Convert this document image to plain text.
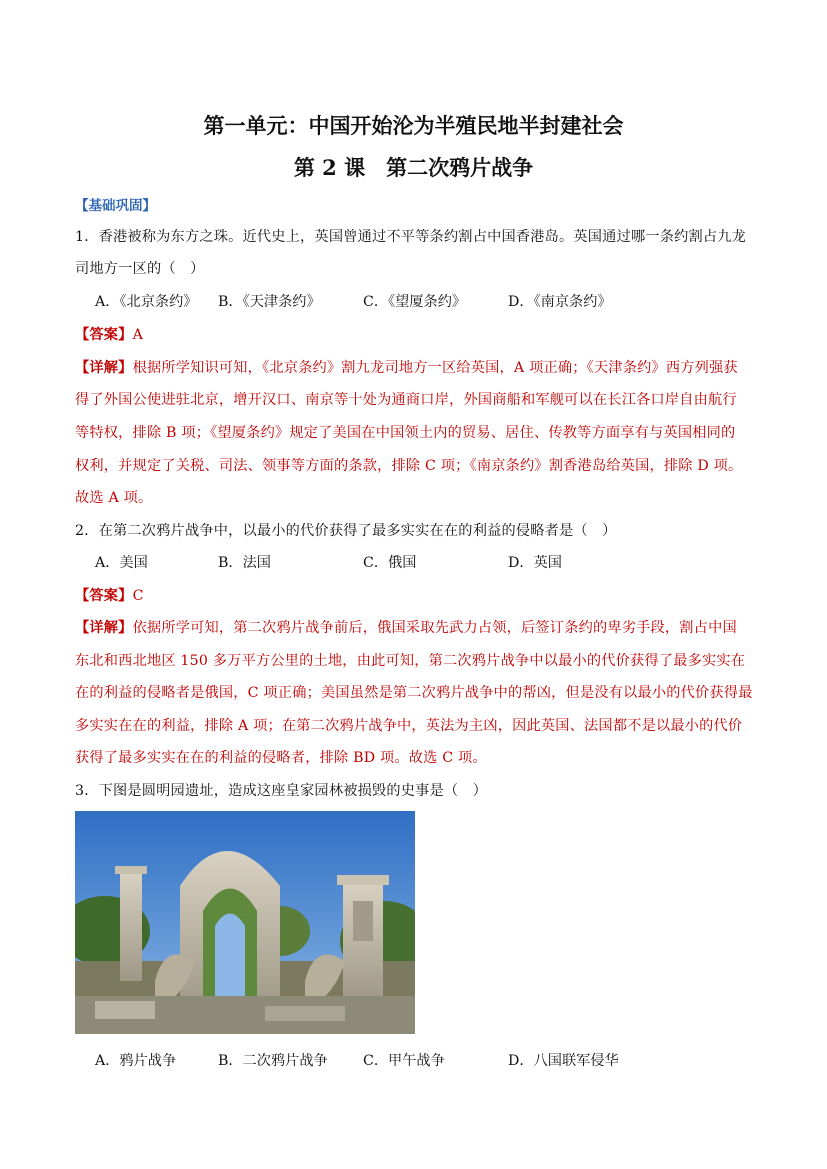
第一单元：中国开始沦为半殖民地半封建社会
第 2 课　第二次鸦片战争
【基础巩固】
1．香港被称为东方之珠。近代史上，英国曾通过不平等条约割占中国香港岛。英国通过哪一条约割占九龙
司地方一区的（　）
A．《北京条约》 B．《天津条约》	C．《望厦条约》	D．《南京条约》
【答案】A
【详解】根据所学知识可知，《北京条约》割九龙司地方一区给英国，A 项正确；《天津条约》西方列强获
得了外国公使进驻北京，增开汉口、南京等十处为通商口岸，外国商船和军舰可以在长江各口岸自由航行
等特权，排除 B 项；《望厦条约》规定了美国在中国领土内的贸易、居住、传教等方面享有与英国相同的
权利，并规定了关税、司法、领事等方面的条款，排除 C 项；《南京条约》割香港岛给英国，排除 D 项。
故选 A 项。
2．在第二次鸦片战争中，以最小的代价获得了最多实实在在的利益的侵略者是（　）
A．美国	B．法国	C．俄国	D．英国
【答案】C
【详解】依据所学可知，第二次鸦片战争前后，俄国采取先武力占领，后签订条约的卑劣手段，割占中国
东北和西北地区 150 多万平方公里的土地，由此可知，第二次鸦片战争中以最小的代价获得了最多实实在
在的利益的侵略者是俄国，C 项正确；美国虽然是第二次鸦片战争中的帮凶，但是没有以最小的代价获得最
多实实在在的利益，排除 A 项；在第二次鸦片战争中，英法为主凶，因此英国、法国都不是以最小的代价
获得了最多实实在在的利益的侵略者，排除 BD 项。故选 C 项。
3．下图是圆明园遗址，造成这座皇家园林被损毁的史事是（　）
A．鸦片战争	B．二次鸦片战争 C．甲午战争	D．八国联军侵华
